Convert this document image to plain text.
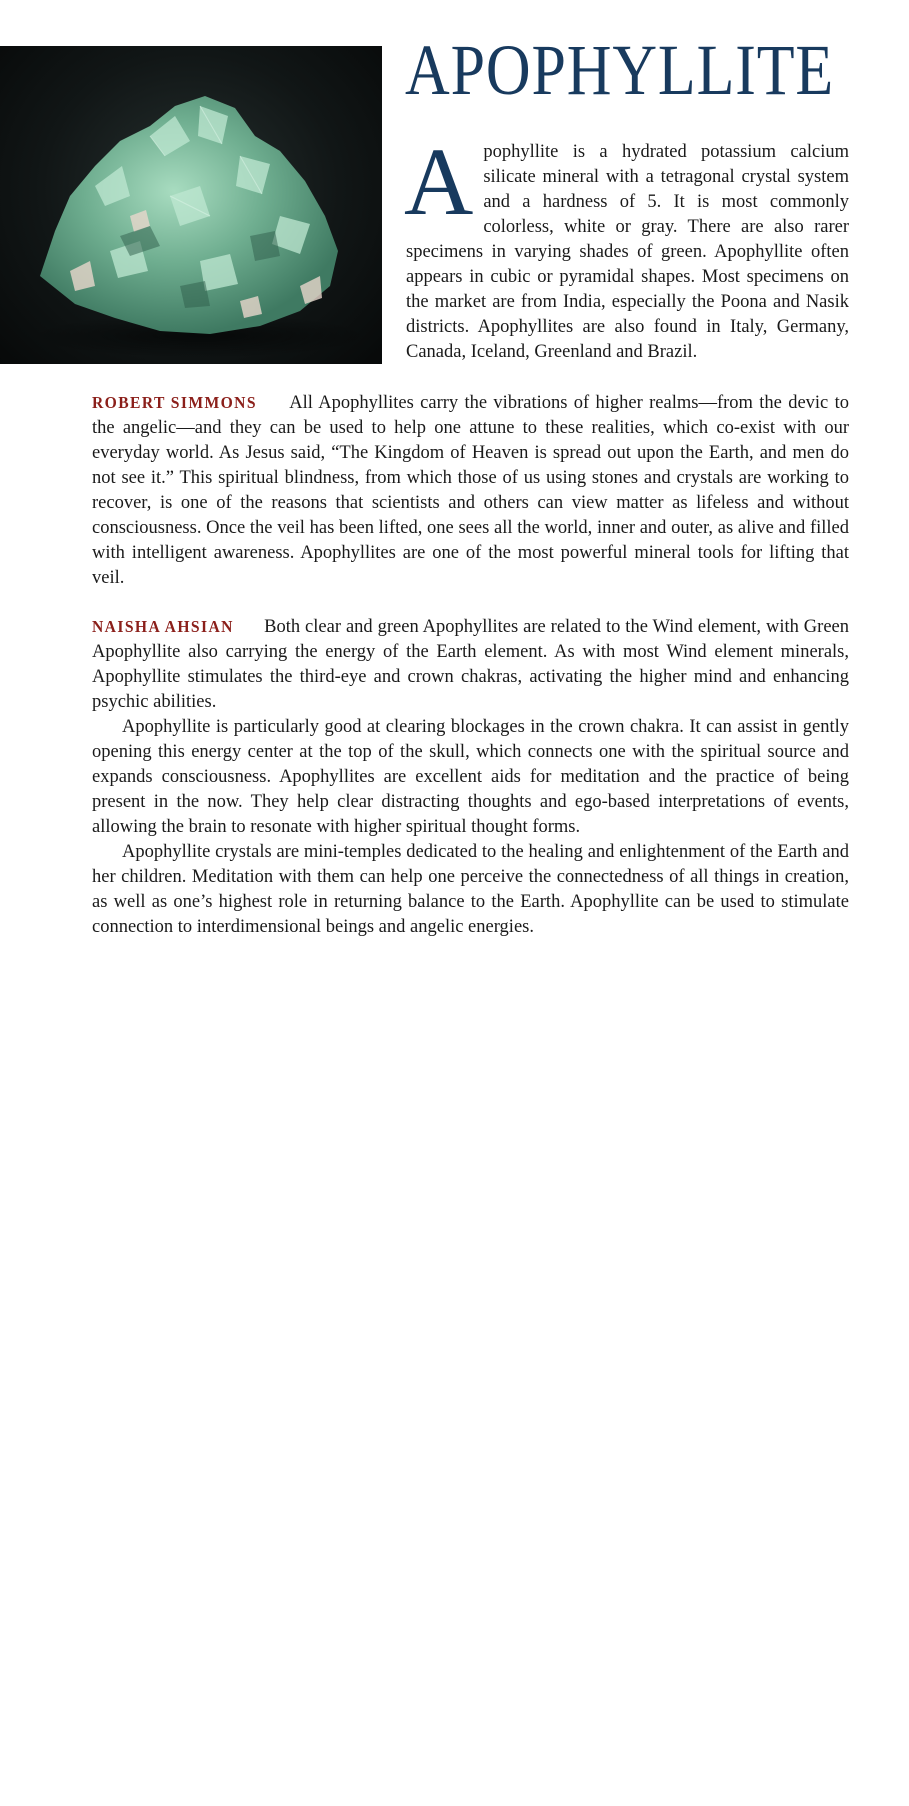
APOPHYLLITE

Apophyllite is a hydrated potassium calcium silicate mineral with a tetragonal crystal system and a hardness of 5. It is most commonly colorless, white or gray. There are also rarer specimens in varying shades of green. Apophyllite often appears in cubic or pyramidal shapes. Most specimens on the market are from India, especially the Poona and Nasik districts. Apophyllites are also found in Italy, Germany, Canada, Iceland, Greenland and Brazil.

ROBERT SIMMONS All Apophyllites carry the vibrations of higher realms—from the devic to the angelic—and they can be used to help one attune to these realities, which co-exist with our everyday world. As Jesus said, “The Kingdom of Heaven is spread out upon the Earth, and men do not see it.” This spiritual blindness, from which those of us using stones and crystals are working to recover, is one of the reasons that scientists and others can view matter as lifeless and without consciousness. Once the veil has been lifted, one sees all the world, inner and outer, as alive and filled with intelligent awareness. Apophyllites are one of the most powerful mineral tools for lifting that veil.

NAISHA AHSIAN Both clear and green Apophyllites are related to the Wind element, with Green Apophyllite also carrying the energy of the Earth element. As with most Wind element minerals, Apophyllite stimulates the third-eye and crown chakras, activating the higher mind and enhancing psychic abilities.

Apophyllite is particularly good at clearing blockages in the crown chakra. It can assist in gently opening this energy center at the top of the skull, which connects one with the spiritual source and expands consciousness. Apophyllites are excellent aids for meditation and the practice of being present in the now. They help clear distracting thoughts and ego-based interpretations of events, allowing the brain to resonate with higher spiritual thought forms.

Apophyllite crystals are mini-temples dedicated to the healing and enlightenment of the Earth and her children. Meditation with them can help one perceive the connectedness of all things in creation, as well as one’s highest role in returning balance to the Earth. Apophyllite can be used to stimulate connection to interdimensional beings and angelic energies.
